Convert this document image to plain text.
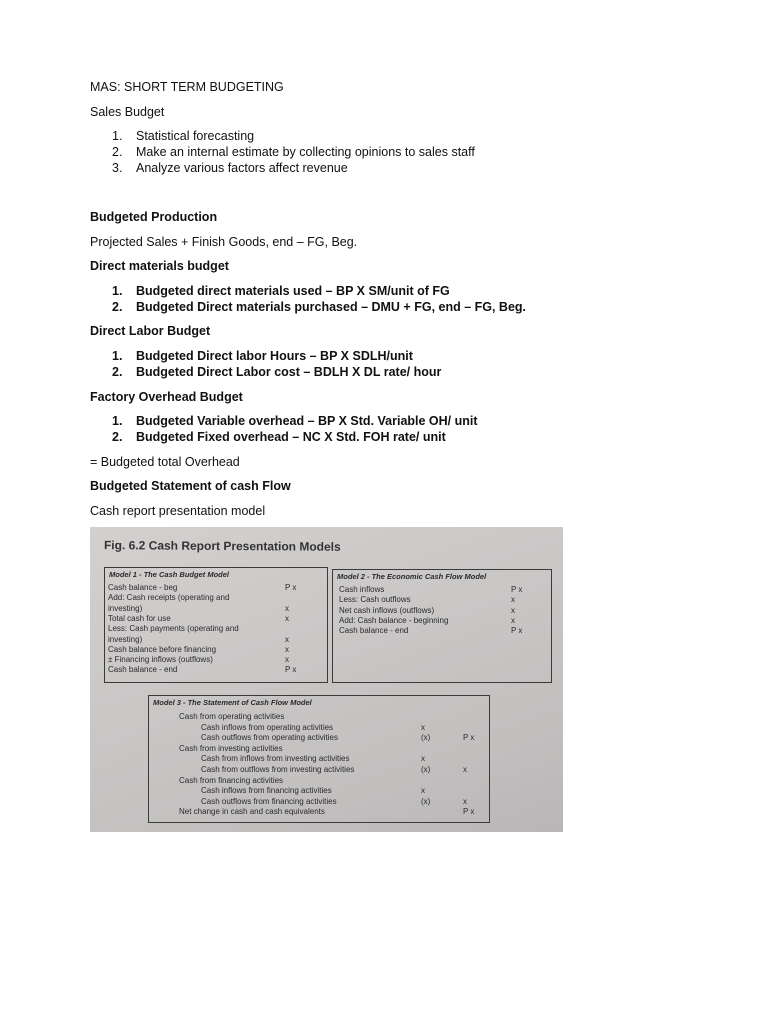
MAS: SHORT TERM BUDGETING
Sales Budget
1. Statistical forecasting
2. Make an internal estimate by collecting opinions to sales staff
3. Analyze various factors affect revenue
Budgeted Production
Projected Sales + Finish Goods, end – FG, Beg.
Direct materials budget
1. Budgeted direct materials used – BP X SM/unit of FG
2. Budgeted Direct materials purchased – DMU + FG, end – FG, Beg.
Direct Labor Budget
1. Budgeted Direct labor Hours – BP X SDLH/unit
2. Budgeted Direct Labor cost – BDLH X DL rate/ hour
Factory Overhead Budget
1. Budgeted Variable overhead – BP X Std. Variable OH/ unit
2. Budgeted Fixed overhead – NC X Std. FOH rate/ unit
= Budgeted total Overhead
Budgeted Statement of cash Flow
Cash report presentation model
Fig. 6.2 Cash Report Presentation Models
Model 1 - The Cash Budget Model
Cash balance - beg	P x
Add: Cash receipts (operating and
investing)	x
Total cash for use	x
Less: Cash payments (operating and
investing)	x
Cash balance before financing	x
± Financing inflows (outflows)	x
Cash balance - end	P x
Model 2 - The Economic Cash Flow Model
Cash inflows	P x
Less: Cash outflows	x
Net cash inflows (outflows)	x
Add: Cash balance - beginning	x
Cash balance - end	P x
Model 3 - The Statement of Cash Flow Model
Cash from operating activities
Cash inflows from operating activities	x
Cash outflows from operating activities	(x)	P x
Cash from investing activities
Cash from inflows from investing activities	x
Cash from outflows from investing activities	(x)	x
Cash from financing activities
Cash inflows from financing activities	x
Cash outflows from financing activities	(x)	x
Net change in cash and cash equivalents	P x
